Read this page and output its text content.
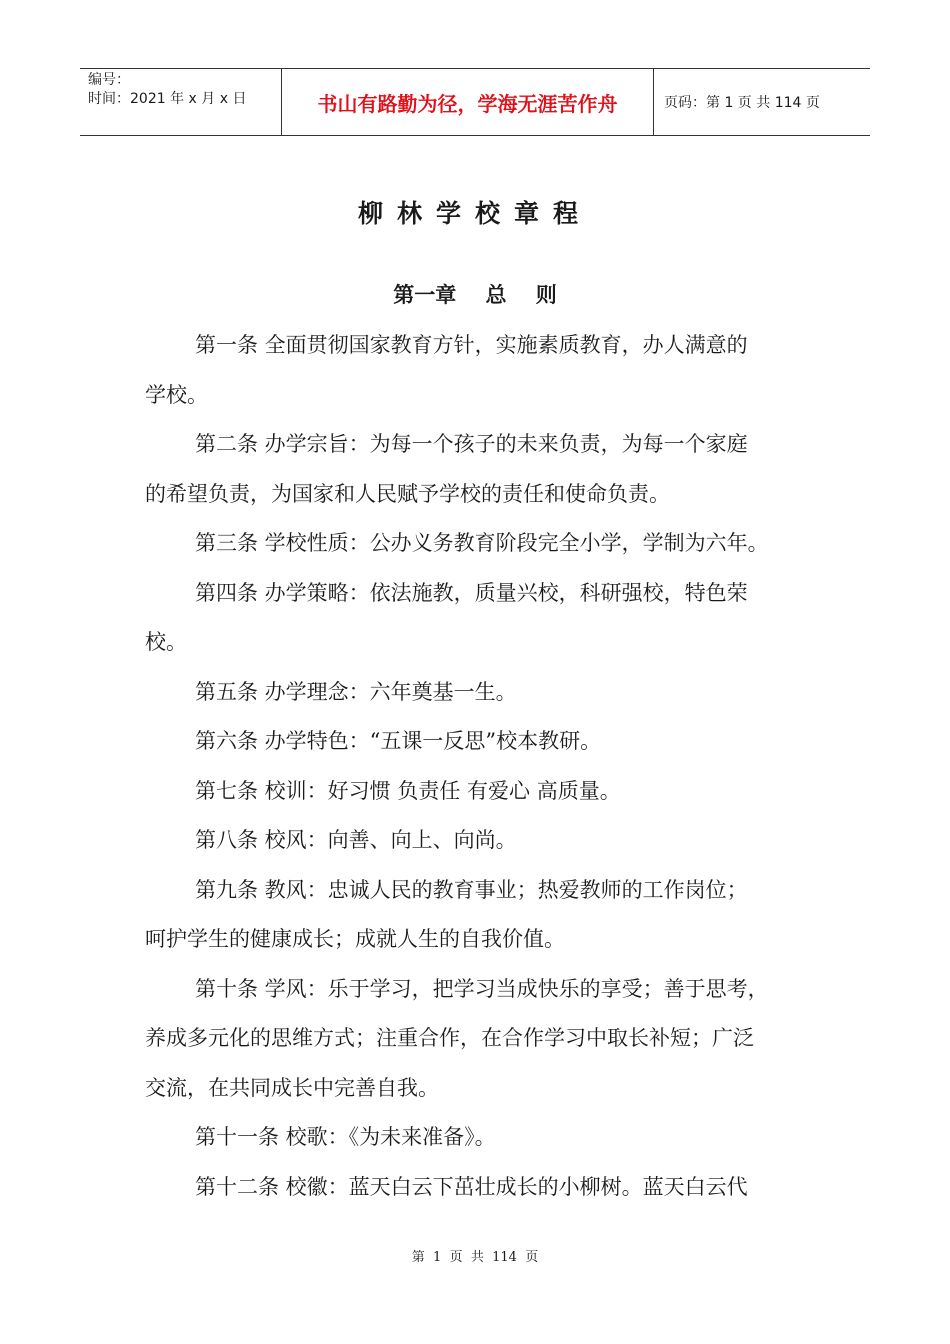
编号：
时间：2021 年 x 月 x 日	书山有路勤为径，学海无涯苦作舟	页码：第 1 页 共 114 页
柳林学校章程
第一章    总    则

第一条 全面贯彻国家教育方针，实施素质教育，办人满意的
学校。

第二条 办学宗旨：为每一个孩子的未来负责，为每一个家庭
的希望负责，为国家和人民赋予学校的责任和使命负责。

第三条 学校性质：公办义务教育阶段完全小学，学制为六年。

第四条 办学策略：依法施教，质量兴校，科研强校，特色荣
校。

第五条 办学理念：六年奠基一生。

第六条 办学特色：“五课一反思”校本教研。

第七条 校训：好习惯 负责任 有爱心 高质量。

第八条 校风：向善、向上、向尚。

第九条 教风：忠诚人民的教育事业；热爱教师的工作岗位；
呵护学生的健康成长；成就人生的自我价值。

第十条 学风：乐于学习，把学习当成快乐的享受；善于思考，
养成多元化的思维方式；注重合作，在合作学习中取长补短；广泛
交流，在共同成长中完善自我。

第十一条 校歌：《为未来准备》。

第十二条 校徽：蓝天白云下茁壮成长的小柳树。蓝天白云代

第  1  页  共  114  页
